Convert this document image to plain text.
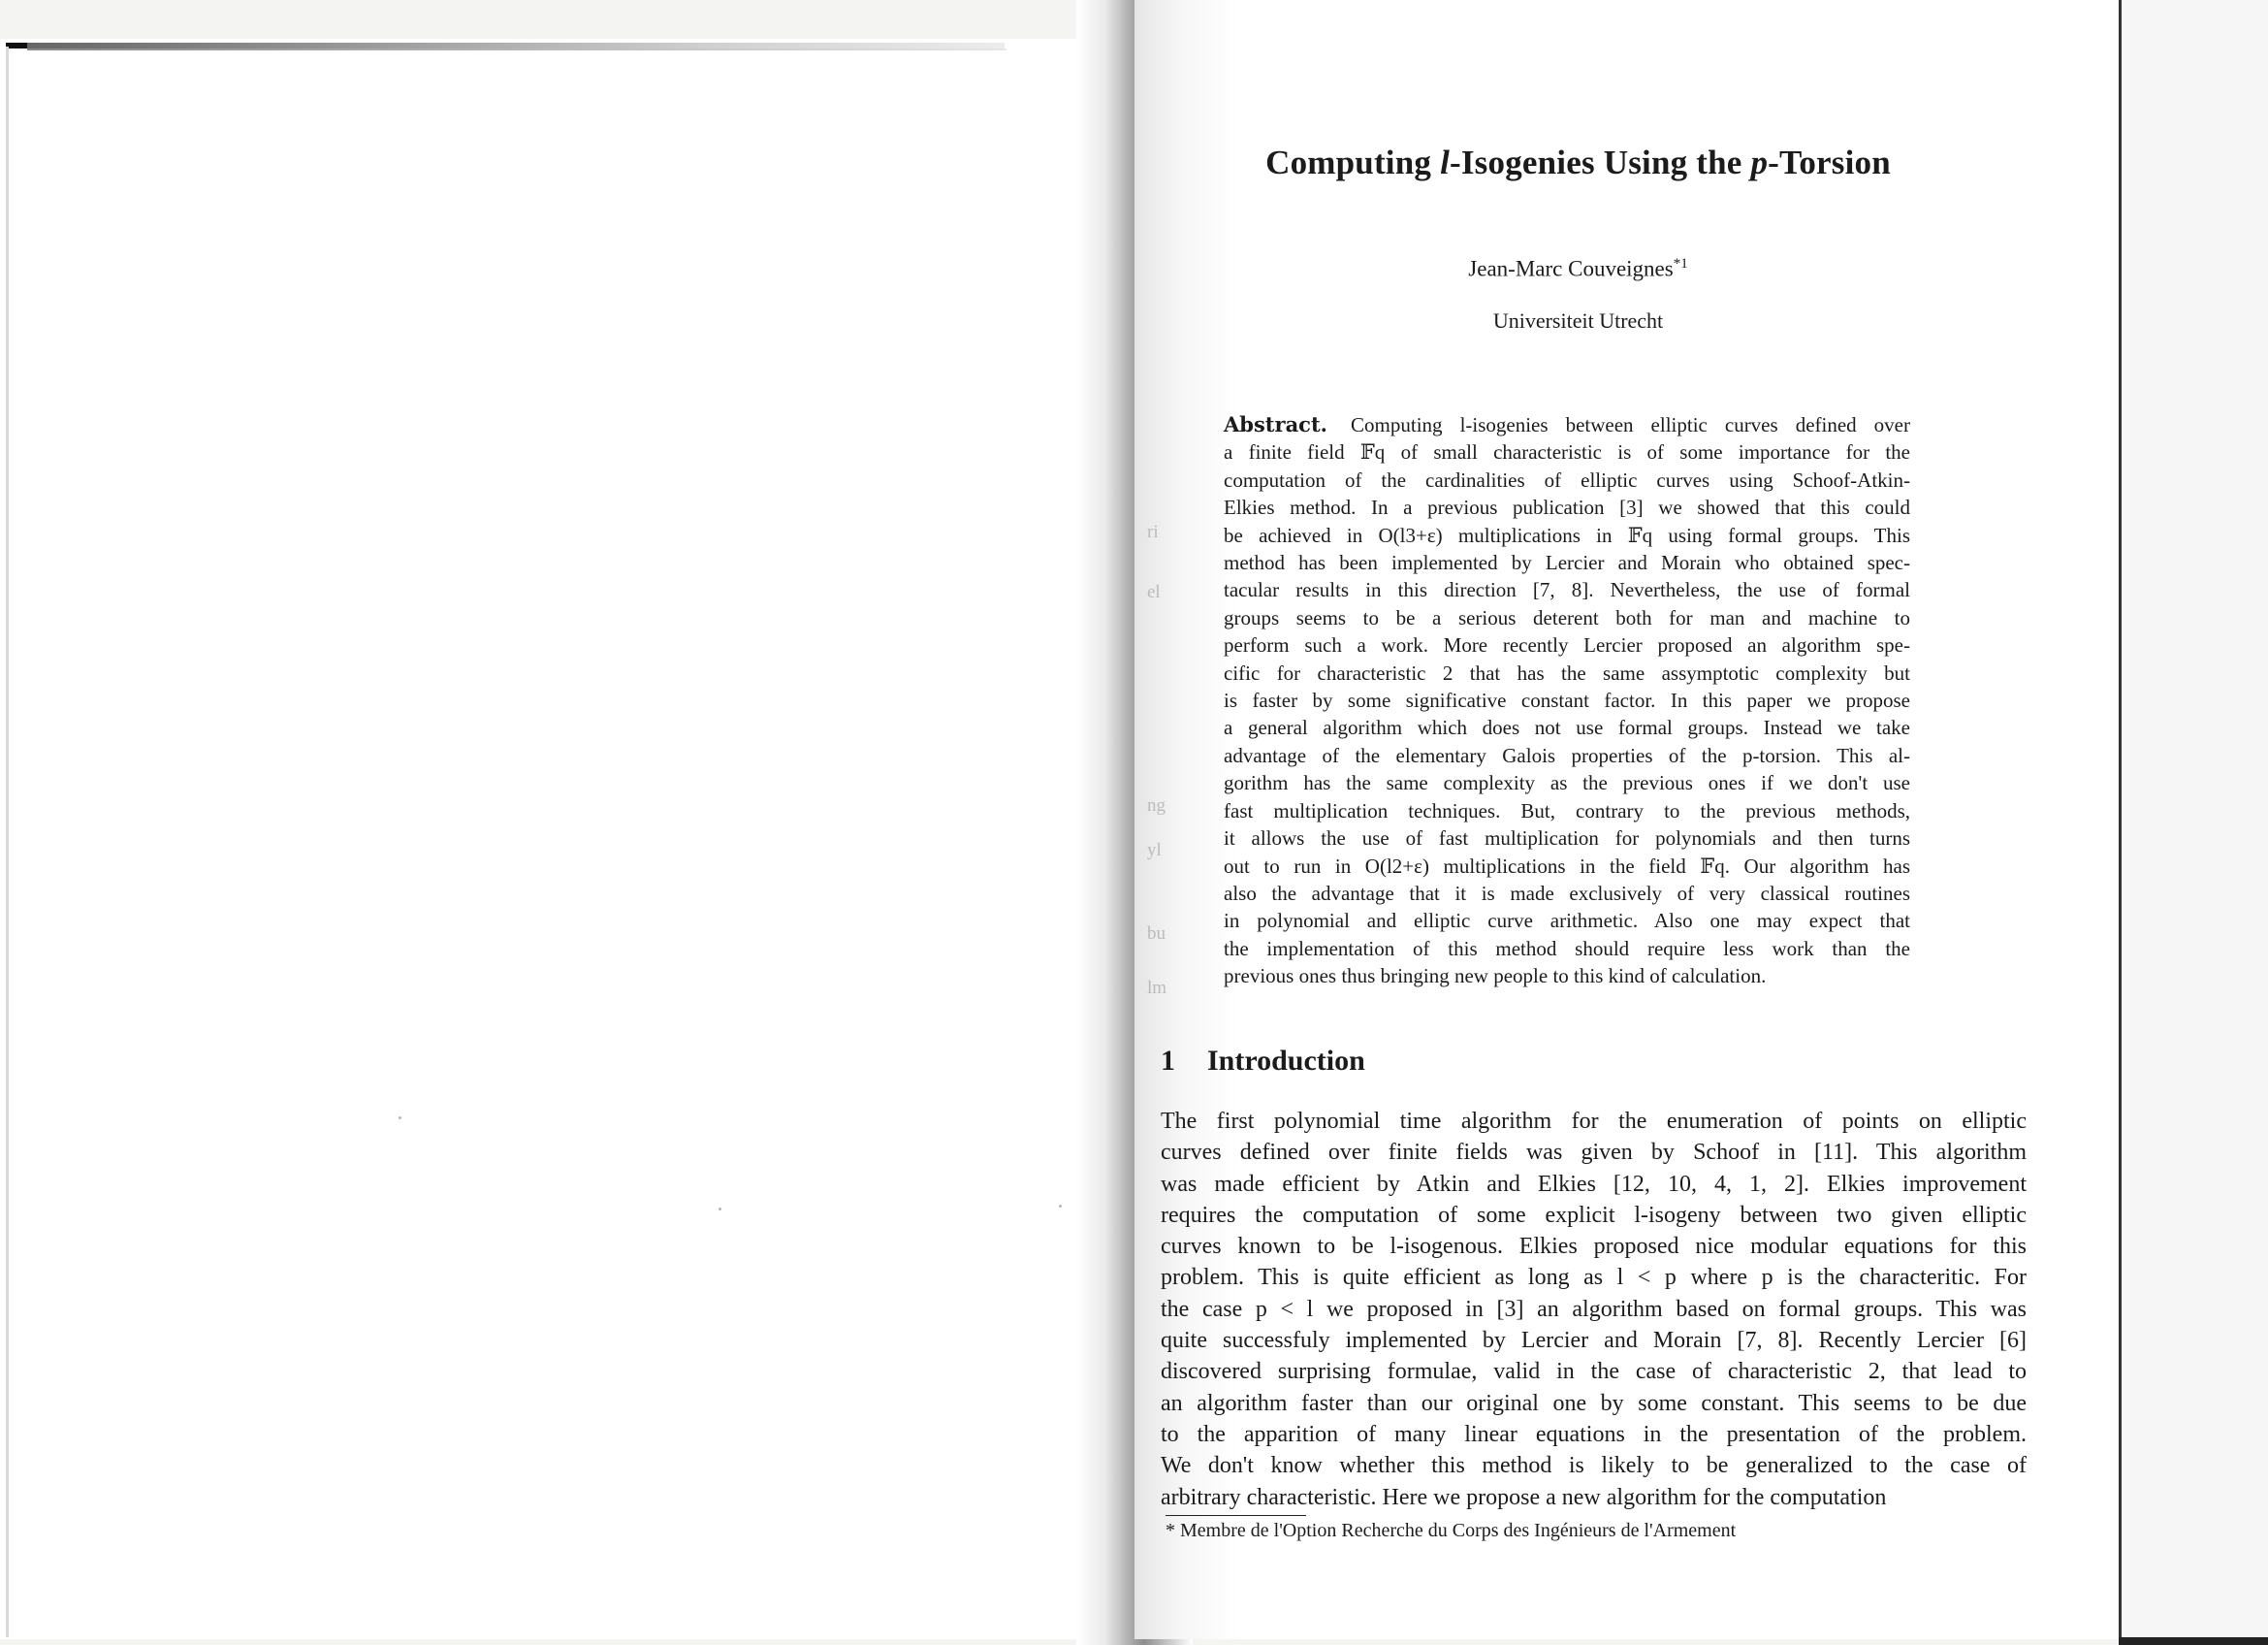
ri
el
ng
yl
bu
lm
Computing l-Isogenies Using the p-Torsion
Jean-Marc Couveignes$^{*1}$
Universiteit Utrecht
Abstract. Computing l-isogenies between elliptic curves defined over
a finite field 𝔽q of small characteristic is of some importance for the
computation of the cardinalities of elliptic curves using Schoof-Atkin-
Elkies method. In a previous publication [3] we showed that this could
be achieved in O(l3+ε) multiplications in 𝔽q using formal groups. This
method has been implemented by Lercier and Morain who obtained spec-
tacular results in this direction [7, 8]. Nevertheless, the use of formal
groups seems to be a serious deterent both for man and machine to
perform such a work. More recently Lercier proposed an algorithm spe-
cific for characteristic 2 that has the same assymptotic complexity but
is faster by some significative constant factor. In this paper we propose
a general algorithm which does not use formal groups. Instead we take
advantage of the elementary Galois properties of the p-torsion. This al-
gorithm has the same complexity as the previous ones if we don't use
fast multiplication techniques. But, contrary to the previous methods,
it allows the use of fast multiplication for polynomials and then turns
out to run in O(l2+ε) multiplications in the field 𝔽q. Our algorithm has
also the advantage that it is made exclusively of very classical routines
in polynomial and elliptic curve arithmetic. Also one may expect that
the implementation of this method should require less work than the
previous ones thus bringing new people to this kind of calculation.
1 Introduction
The first polynomial time algorithm for the enumeration of points on elliptic
curves defined over finite fields was given by Schoof in [11]. This algorithm
was made efficient by Atkin and Elkies [12, 10, 4, 1, 2]. Elkies improvement
requires the computation of some explicit l-isogeny between two given elliptic
curves known to be l-isogenous. Elkies proposed nice modular equations for this
problem. This is quite efficient as long as l < p where p is the characteritic. For
the case p < l we proposed in [3] an algorithm based on formal groups. This was
quite successfuly implemented by Lercier and Morain [7, 8]. Recently Lercier [6]
discovered surprising formulae, valid in the case of characteristic 2, that lead to
an algorithm faster than our original one by some constant. This seems to be due
to the apparition of many linear equations in the presentation of the problem.
We don't know whether this method is likely to be generalized to the case of
arbitrary characteristic. Here we propose a new algorithm for the computation
* Membre de l'Option Recherche du Corps des Ingénieurs de l'Armement
